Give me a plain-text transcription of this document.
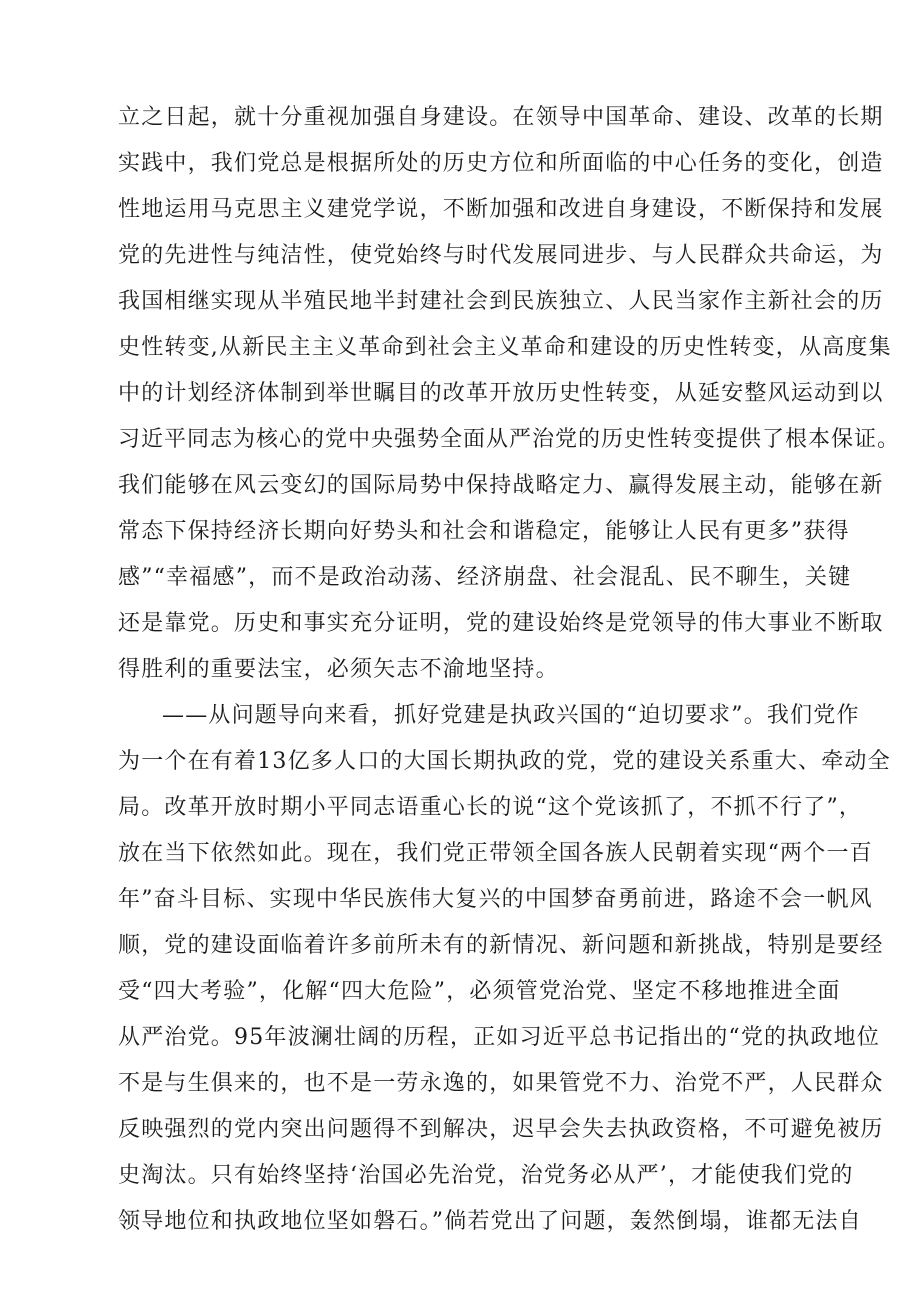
立之日起，就十分重视加强自身建设。在领导中国革命、建设、改革的长期
实践中，我们党总是根据所处的历史方位和所面临的中心任务的变化，创造
性地运用马克思主义建党学说，不断加强和改进自身建设，不断保持和发展
党的先进性与纯洁性，使党始终与时代发展同进步、与人民群众共命运，为
我国相继实现从半殖民地半封建社会到民族独立、人民当家作主新社会的历
史性转变,从新民主主义革命到社会主义革命和建设的历史性转变，从高度集
中的计划经济体制到举世瞩目的改革开放历史性转变，从延安整风运动到以
习近平同志为核心的党中央强势全面从严治党的历史性转变提供了根本保证。
我们能够在风云变幻的国际局势中保持战略定力、赢得发展主动，能够在新
常态下保持经济长期向好势头和社会和谐稳定，能够让人民有更多”获得
感”“幸福感”，而不是政治动荡、经济崩盘、社会混乱、民不聊生，关键
还是靠党。历史和事实充分证明，党的建设始终是党领导的伟大事业不断取
得胜利的重要法宝，必须矢志不渝地坚持。
——从问题导向来看，抓好党建是执政兴国的“迫切要求”。我们党作
为一个在有着13亿多人口的大国长期执政的党，党的建设关系重大、牵动全
局。改革开放时期小平同志语重心长的说“这个党该抓了，不抓不行了”，
放在当下依然如此。现在，我们党正带领全国各族人民朝着实现“两个一百
年”奋斗目标、实现中华民族伟大复兴的中国梦奋勇前进，路途不会一帆风
顺，党的建设面临着许多前所未有的新情况、新问题和新挑战，特别是要经
受“四大考验”，化解“四大危险”，必须管党治党、坚定不移地推进全面
从严治党。95年波澜壮阔的历程，正如习近平总书记指出的“党的执政地位
不是与生俱来的，也不是一劳永逸的，如果管党不力、治党不严，人民群众
反映强烈的党内突出问题得不到解决，迟早会失去执政资格，不可避免被历
史淘汰。只有始终坚持‘治国必先治党，治党务必从严’，才能使我们党的
领导地位和执政地位坚如磐石。”倘若党出了问题，轰然倒塌，谁都无法自
